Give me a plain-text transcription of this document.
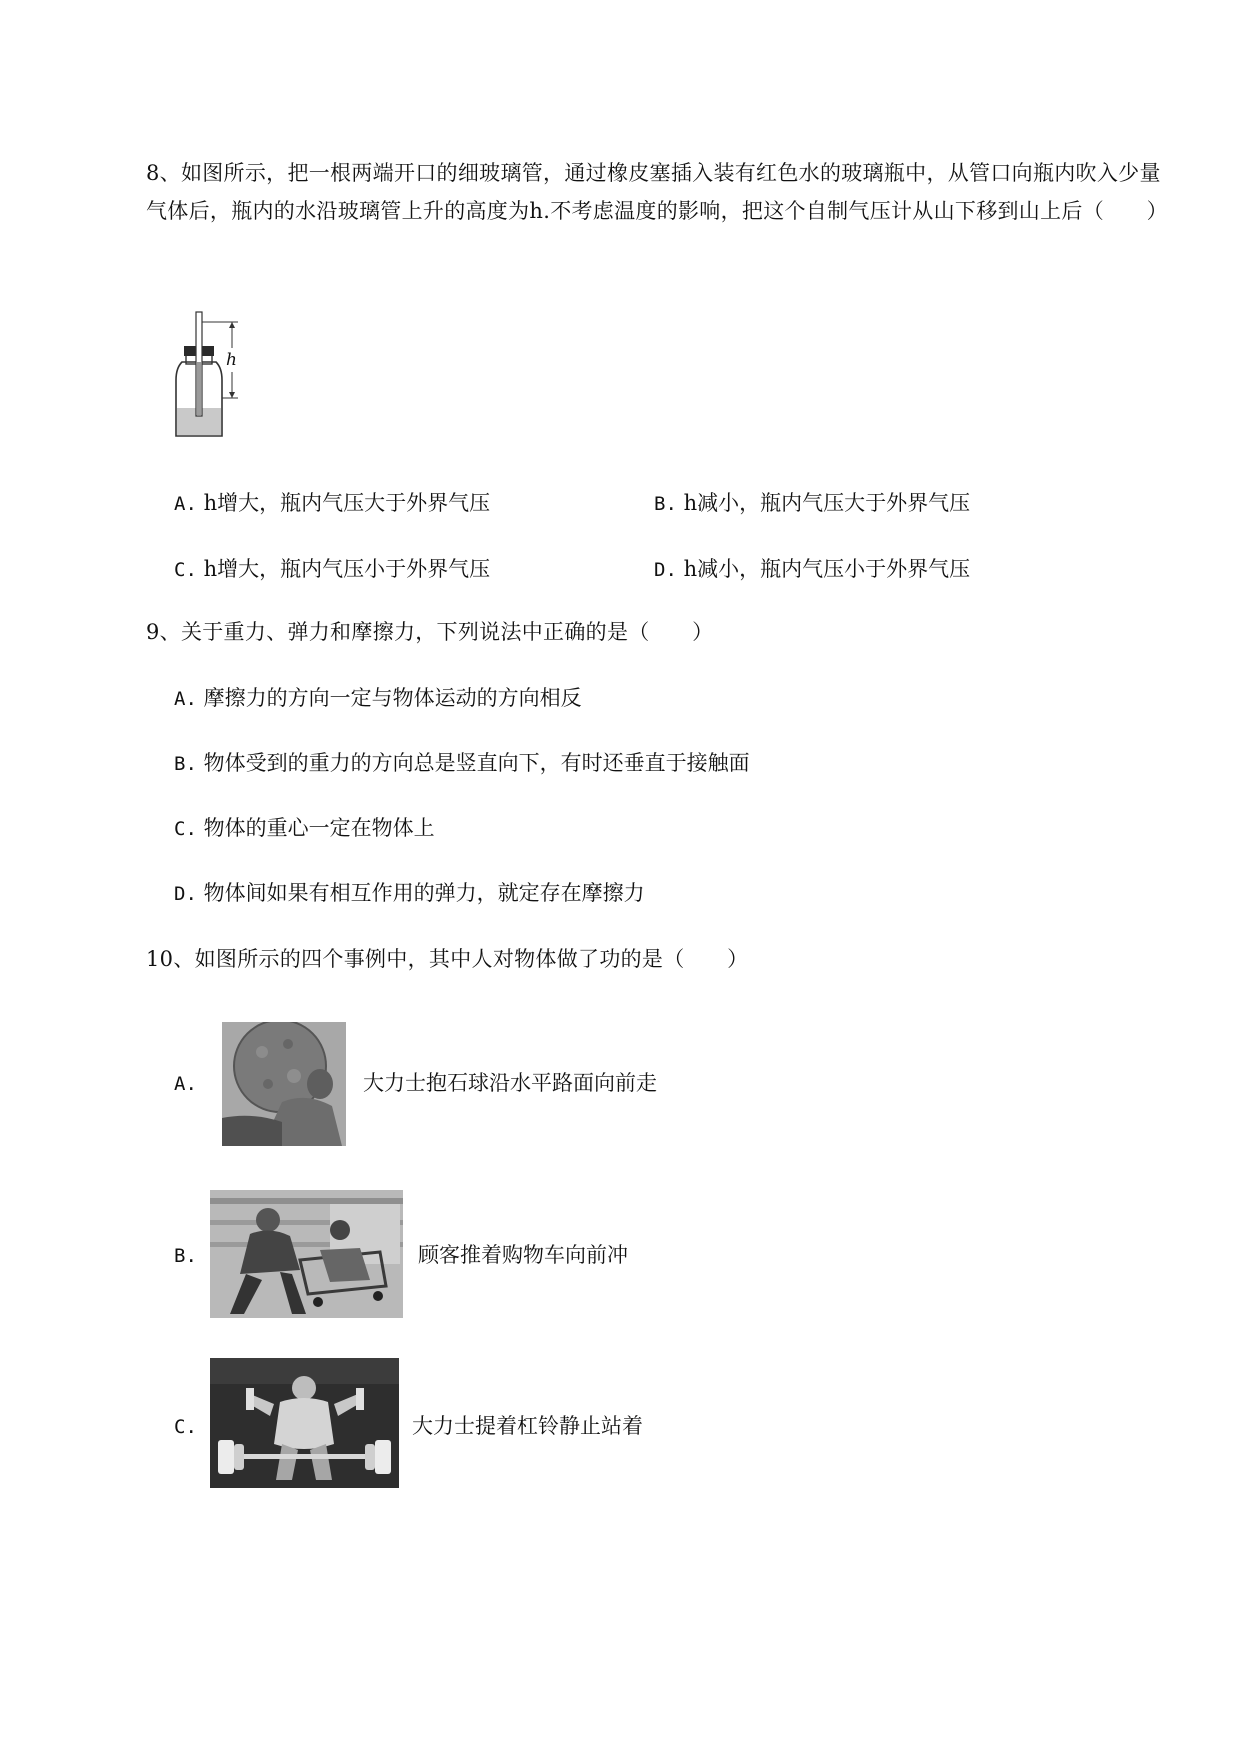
8、如图所示，把一根两端开口的细玻璃管，通过橡皮塞插入装有红色水的玻璃瓶中，从管口向瓶内吹入少量气体后，瓶内的水沿玻璃管上升的高度为h.不考虑温度的影响，把这个自制气压计从山下移到山上后（　　）
h
A. h增大，瓶内气压大于外界气压	B. h减小，瓶内气压大于外界气压
C. h增大，瓶内气压小于外界气压	D. h减小，瓶内气压小于外界气压
9、关于重力、弹力和摩擦力，下列说法中正确的是（　　）
A. 摩擦力的方向一定与物体运动的方向相反
B. 物体受到的重力的方向总是竖直向下，有时还垂直于接触面
C. 物体的重心一定在物体上
D. 物体间如果有相互作用的弹力，就定存在摩擦力
10、如图所示的四个事例中，其中人对物体做了功的是（　　）
A.	大力士抱石球沿水平路面向前走
B.	顾客推着购物车向前冲
C.	大力士提着杠铃静止站着
